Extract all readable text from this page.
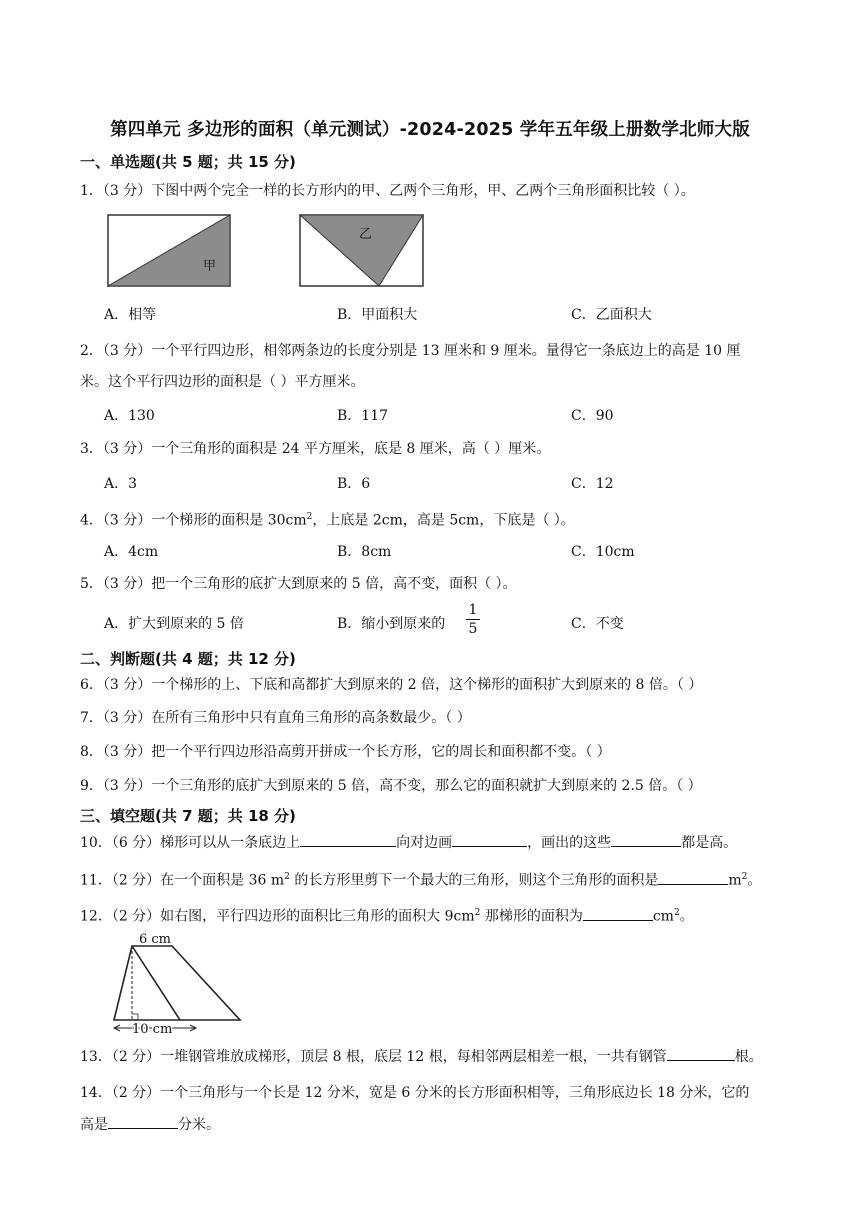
第四单元 多边形的面积（单元测试）-2024-2025 学年五年级上册数学北师大版
一、单选题(共 5 题；共 15 分)
1．（3 分）下图中两个完全一样的长方形内的甲、乙两个三角形，甲、乙两个三角形面积比较（ ）。
甲
乙
A．相等	B．甲面积大	C．乙面积大
2．（3 分）一个平行四边形，相邻两条边的长度分别是 13 厘米和 9 厘米。量得它一条底边上的高是 10 厘
米。这个平行四边形的面积是（ ）平方厘米。
A．130	B．117	C．90
3．（3 分）一个三角形的面积是 24 平方厘米，底是 8 厘米，高（ ）厘米。
A．3	B．6	C．12
4．（3 分）一个梯形的面积是 $30cm^2$，上底是 2cm，高是 5cm，下底是（ ）。
A．4cm	B．8cm	C．10cm
5．（3 分）把一个三角形的底扩大到原来的 5 倍，高不变，面积（ ）。
A．扩大到原来的 5 倍	B．缩小到原来的 $\frac{1}{5}$	C．不变
二、判断题(共 4 题；共 12 分)
6．（3 分）一个梯形的上、下底和高都扩大到原来的 2 倍，这个梯形的面积扩大到原来的 8 倍。（ ）
7．（3 分）在所有三角形中只有直角三角形的高条数最少。（ ）
8．（3 分）把一个平行四边形沿高剪开拼成一个长方形，它的周长和面积都不变。（ ）
9．（3 分）一个三角形的底扩大到原来的 5 倍，高不变，那么它的面积就扩大到原来的 2.5 倍。（ ）
三、填空题(共 7 题；共 18 分)
10．（6 分）梯形可以从一条底边上	向对边画	，画出的这些	都是高。
11．（2 分）在一个面积是 36 $m^2$ 的长方形里剪下一个最大的三角形，则这个三角形的面积是	$m^2$。
12．（2 分）如右图，平行四边形的面积比三角形的面积大 $9cm^2$ 那梯形的面积为	$cm^2$。
6 cm
10 cm
13．（2 分）一堆钢管堆放成梯形，顶层 8 根，底层 12 根，每相邻两层相差一根，一共有钢管	根。
14．（2 分）一个三角形与一个长是 12 分米，宽是 6 分米的长方形面积相等，三角形底边长 18 分米，它的
高是	分米。
